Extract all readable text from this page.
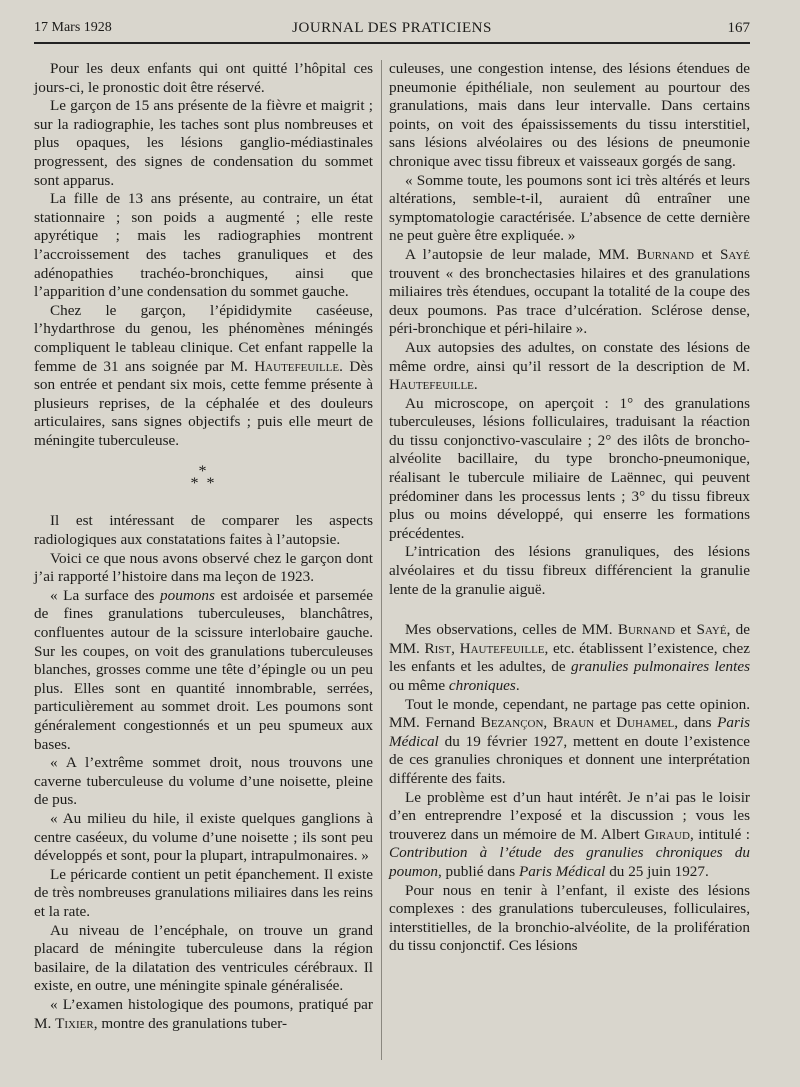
17 Mars 1928	JOURNAL DES PRATICIENS	167

Pour les deux enfants qui ont quitté l’hôpital ces jours-ci, le pronostic doit être réservé.

Le garçon de 15 ans présente de la fièvre et maigrit ; sur la radiographie, les taches sont plus nombreuses et plus opaques, les lésions ganglio-médiastinales progressent, des signes de condensation du sommet sont apparus.

La fille de 13 ans présente, au contraire, un état stationnaire ; son poids a augmenté ; elle reste apyrétique ; mais les radiographies montrent l’accroissement des taches granuliques et des adénopathies trachéo-bronchiques, ainsi que l’apparition d’une condensation du sommet gauche.

Chez le garçon, l’épididymite caséeuse, l’hydarthrose du genou, les phénomènes méningés compliquent le tableau clinique. Cet enfant rappelle la femme de 31 ans soignée par M. Hautefeuille. Dès son entrée et pendant six mois, cette femme présente à plusieurs reprises, de la céphalée et des douleurs articulaires, sans signes objectifs ; puis elle meurt de méningite tuberculeuse.

*
* *

Il est intéressant de comparer les aspects radiologiques aux constatations faites à l’autopsie.

Voici ce que nous avons observé chez le garçon dont j’ai rapporté l’histoire dans ma leçon de 1923.

« La surface des poumons est ardoisée et parsemée de fines granulations tuberculeuses, blanchâtres, confluentes autour de la scissure interlobaire gauche. Sur les coupes, on voit des granulations tuberculeuses blanches, grosses comme une tête d’épingle ou un peu plus. Elles sont en quantité innombrable, serrées, particulièrement au sommet droit. Les poumons sont généralement congestionnés et un peu spumeux aux bases.

« A l’extrême sommet droit, nous trouvons une caverne tuberculeuse du volume d’une noisette, pleine de pus.

« Au milieu du hile, il existe quelques ganglions à centre caséeux, du volume d’une noisette ; ils sont peu développés et sont, pour la plupart, intrapulmonaires. »

Le péricarde contient un petit épanchement. Il existe de très nombreuses granulations miliaires dans les reins et la rate.

Au niveau de l’encéphale, on trouve un grand placard de méningite tuberculeuse dans la région basilaire, de la dilatation des ventricules cérébraux. Il existe, en outre, une méningite spinale généralisée.

« L’examen histologique des poumons, pratiqué par M. Tixier, montre des granulations tuber-

culeuses, une congestion intense, des lésions étendues de pneumonie épithéliale, non seulement au pourtour des granulations, mais dans leur intervalle. Dans certains points, on voit des épaississements du tissu interstitiel, sans lésions alvéolaires ou des lésions de pneumonie chronique avec tissu fibreux et vaisseaux gorgés de sang.

« Somme toute, les poumons sont ici très altérés et leurs altérations, semble-t-il, auraient dû entraîner une symptomatologie caractérisée. L’absence de cette dernière ne peut guère être expliquée. »

A l’autopsie de leur malade, MM. Burnand et Sayé trouvent « des bronchectasies hilaires et des granulations miliaires très étendues, occupant la totalité de la coupe des deux poumons. Pas trace d’ulcération. Sclérose dense, péri-bronchique et péri-hilaire ».

Aux autopsies des adultes, on constate des lésions de même ordre, ainsi qu’il ressort de la description de M. Hautefeuille.

Au microscope, on aperçoit : 1° des granulations tuberculeuses, lésions folliculaires, traduisant la réaction du tissu conjonctivo-vasculaire ; 2° des ilôts de broncho-alvéolite bacillaire, du type broncho-pneumonique, réalisant le tubercule miliaire de Laënnec, qui peuvent prédominer dans les processus lents ; 3° du tissu fibreux plus ou moins développé, qui enserre les formations précédentes.

L’intrication des lésions granuliques, des lésions alvéolaires et du tissu fibreux différencient la granulie lente de la granulie aiguë.

Mes observations, celles de MM. Burnand et Sayé, de MM. Rist, Hautefeuille, etc. établissent l’existence, chez les enfants et les adultes, de granulies pulmonaires lentes ou même chroniques.

Tout le monde, cependant, ne partage pas cette opinion. MM. Fernand Bezançon, Braun et Duhamel, dans Paris Médical du 19 février 1927, mettent en doute l’existence de ces granulies chroniques et donnent une interprétation différente des faits.

Le problème est d’un haut intérêt. Je n’ai pas le loisir d’en entreprendre l’exposé et la discussion ; vous les trouverez dans un mémoire de M. Albert Giraud, intitulé : Contribution à l’étude des granulies chroniques du poumon, publié dans Paris Médical du 25 juin 1927.

Pour nous en tenir à l’enfant, il existe des lésions complexes : des granulations tuberculeuses, folliculaires, interstitielles, de la bronchio-alvéolite, de la prolifération du tissu conjonctif. Ces lésions
